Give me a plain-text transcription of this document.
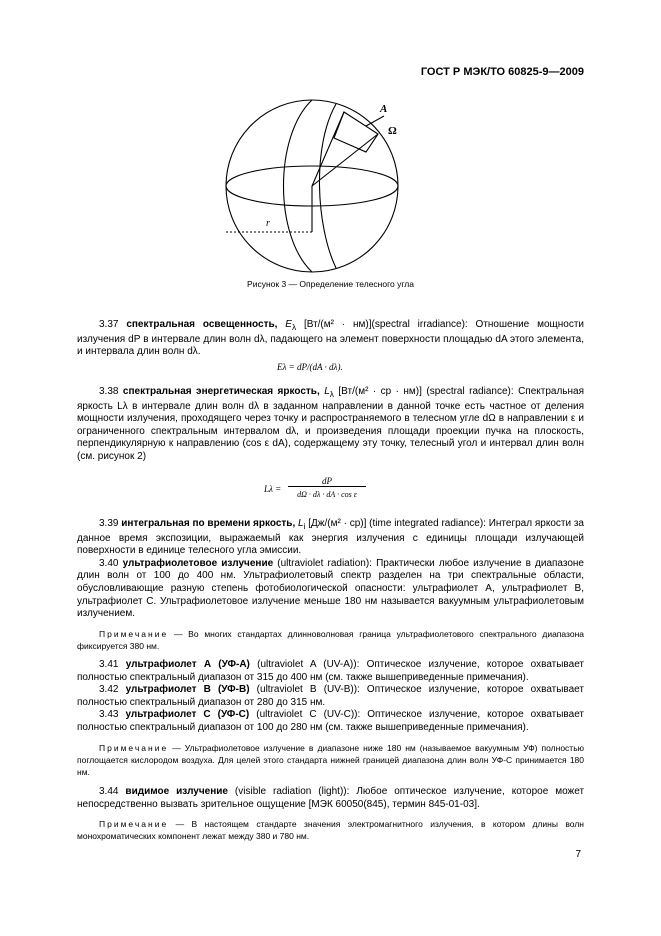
ГОСТ Р МЭК/ТО 60825-9—2009
A
Ω
r
Рисунок 3 — Определение телесного угла

3.37 спектральная освещенность, $E_\lambda$ [Вт/(м² · нм)](spectral irradiance): Отношение мощности излучения dP в интервале длин волн dλ, падающего на элемент поверхности площадью dA этого элемента, и интервала длин волн dλ.

Eλ = dP/(dA · dλ).

3.38 спектральная энергетическая яркость, $L_\lambda$ [Вт/(м² · ср · нм)] (spectral radiance): Спектральная яркость Lλ в интервале длин волн dλ в заданном направлении в данной точке есть частное от деления мощности излучения, проходящего через точку и распространяемого в телесном угле dΩ в направлении ε и ограниченного спектральным интервалом dλ, и произведения площади проекции пучка на плоскость, перпендикулярную к направлению (cos ε dA), содержащему эту точку, телесный угол и интервал длин волн (см. рисунок 2)

Lλ =
dP
dΩ · dλ · dA · cos ε

3.39 интегральная по времени яркость, $L_i$ [Дж/(м² · ср)] (time integrated radiance): Интеграл яркости за данное время экспозиции, выражаемый как энергия излучения с единицы площади излучающей поверхности в единице телесного угла эмиссии.

3.40 ультрафиолетовое излучение (ultraviolet radiation): Практически любое излучение в диапазоне длин волн от 100 до 400 нм. Ультрафиолетовый спектр разделен на три спектральные области, обусловливающие разную степень фотобиологической опасности: ультрафиолет А, ультрафиолет В, ультрафиолет С. Ультрафиолетовое излучение меньше 180 нм называется вакуумным ультрафиолетовым излучением.

Примечание — Во многих стандартах длинноволновая граница ультрафиолетового спектрального диапазона фиксируется 380 нм.

3.41 ультрафиолет А (УФ-А) (ultraviolet A (UV-A)): Оптическое излучение, которое охватывает полностью спектральный диапазон от 315 до 400 нм (см. также вышеприведенные примечания).

3.42 ультрафиолет В (УФ-В) (ultraviolet B (UV-B)): Оптическое излучение, которое охватывает полностью спектральный диапазон от 280 до 315 нм.

3.43 ультрафиолет С (УФ-С) (ultraviolet C (UV-C)): Оптическое излучение, которое охватывает полностью спектральный диапазон от 100 до 280 нм (см. также вышеприведенные примечания).

Примечание — Ультрафиолетовое излучение в диапазоне ниже 180 нм (называемое вакуумным УФ) полностью поглощается кислородом воздуха. Для целей этого стандарта нижней границей диапазона длин волн УФ-С принимается 180 нм.

3.44 видимое излучение (visible radiation (light)): Любое оптическое излучение, которое может непосредственно вызвать зрительное ощущение [МЭК 60050(845), термин 845-01-03].

Примечание — В настоящем стандарте значения электромагнитного излучения, в котором длины волн монохроматических компонент лежат между 380 и 780 нм.

7
